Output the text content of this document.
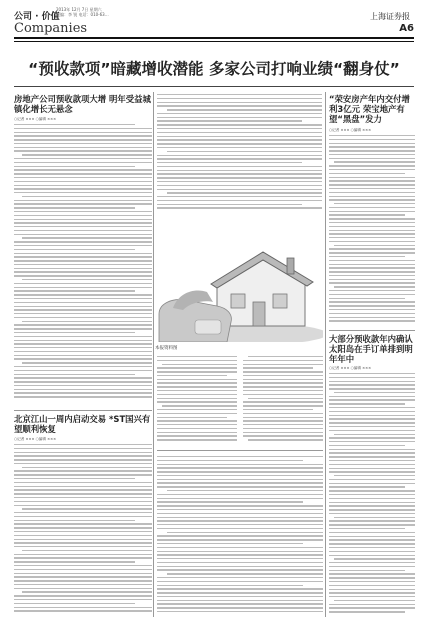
公司 · 价值
2013年 12月 7日 星期六
责编：李 锐 电话：010-63…
Companies
上海证券报
A6
“预收款项”暗藏增收潜能 多家公司打响业绩“翻身仗”
房地产公司预收款项大增 明年受益城镇化增长无悬念
○记者 ××× ○编辑 ×××
北京江山一周内启动交易 *ST国兴有望顺利恢复
○记者 ××× ○编辑 ×××
本报资料图
“荣安房产年内交付增利3亿元 荣宝地产有望“黑盘”发力
○记者 ××× ○编辑 ×××
大部分预收款年内确认 太阳岛在手订单排到明年年中
○记者 ××× ○编辑 ×××
